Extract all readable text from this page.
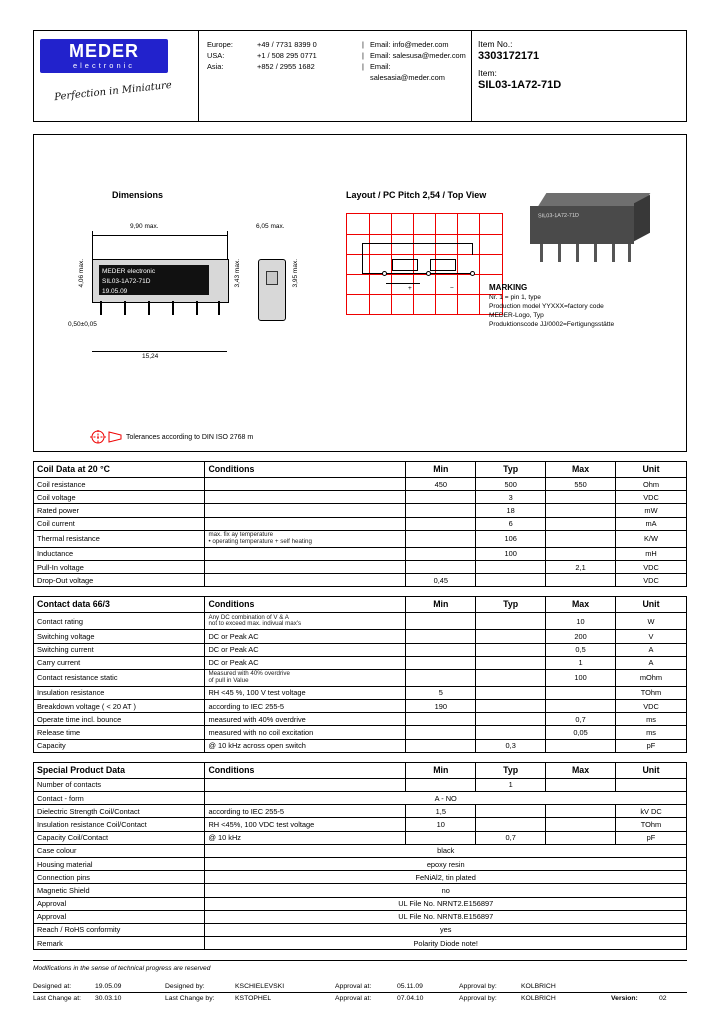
MEDER
electronic
Perfection in Miniature
Europe:	+49 / 7731 8399 0	| Email: info@meder.com
USA:	+1 / 508 295 0771	| Email: salesusa@meder.com
Asia:	+852 / 2955 1682	| Email: salesasia@meder.com
Item No.:
3303172171
Item:
SIL03-1A72-71D
Dimensions	Layout / PC Pitch 2,54 / Top View
9,90 max.
MEDER electronic
SIL03-1A72-71D
19.05.09
4,06 max.
0,50±0,05
15,24
6,05 max.
3,95 max.
3,43 max.
+	−
SIL03-1A72-71D
MARKING
Nr. 1 = pin 1, type
Production model YYXXX=factory code
MEDER-Logo, Typ
Produktionscode JJ/0002=Fertigungsstätte
Tolerances according to DIN ISO 2768 m
Coil Data at 20 °C	Conditions	Min	Typ	Max	Unit
Coil resistance		450	500	550	Ohm
Coil voltage			3		VDC
Rated power			18		mW
Coil current			6		mA
Thermal resistance	max. fix ay temperature
• operating temperature + self heating		106		K/W
Inductance			100		mH
Pull-In voltage				2,1	VDC
Drop-Out voltage		0,45			VDC
Contact data 66/3	Conditions	Min	Typ	Max	Unit
Contact rating	Any DC combination of V & A
not to exceed max. indivual max's			10	W
Switching voltage	DC or Peak AC			200	V
Switching current	DC or Peak AC			0,5	A
Carry current	DC or Peak AC			1	A
Contact resistance static	Measured with 40% overdrive
of pull in Value			100	mOhm
Insulation resistance	RH <45 %, 100 V test voltage	5			TOhm
Breakdown voltage ( < 20 AT )	according to IEC 255-5	190			VDC
Operate time incl. bounce	measured with 40% overdrive			0,7	ms
Release time	measured with no coil excitation			0,05	ms
Capacity	@ 10 kHz across open switch		0,3		pF
Special Product Data	Conditions	Min	Typ	Max	Unit
Number of contacts			1		
Contact - form	A - NO				
Dielectric Strength Coil/Contact	according to IEC 255-5	1,5			kV DC
Insulation resistance Coil/Contact	RH <45%, 100 VDC test voltage	10			TOhm
Capacity Coil/Contact	@ 10 kHz		0,7		pF
Case colour	black				
Housing material	epoxy resin				
Connection pins	FeNiAl2, tin plated				
Magnetic Shield	no				
Approval	UL File No. NRNT2.E156897				
Approval	UL File No. NRNT8.E156897				
Reach / RoHS conformity	yes				
Remark	Polarity Diode note!				
Modifications in the sense of technical progress are reserved
Designed at:	19.05.09	Designed by:	KSCHIELEVSKI	Approval at:	05.11.09	Approval by:	KOLBRICH		
Last Change at:	30.03.10	Last Change by:	KSTOPHEL	Approval at:	07.04.10	Approval by:	KOLBRICH	Version:	02
